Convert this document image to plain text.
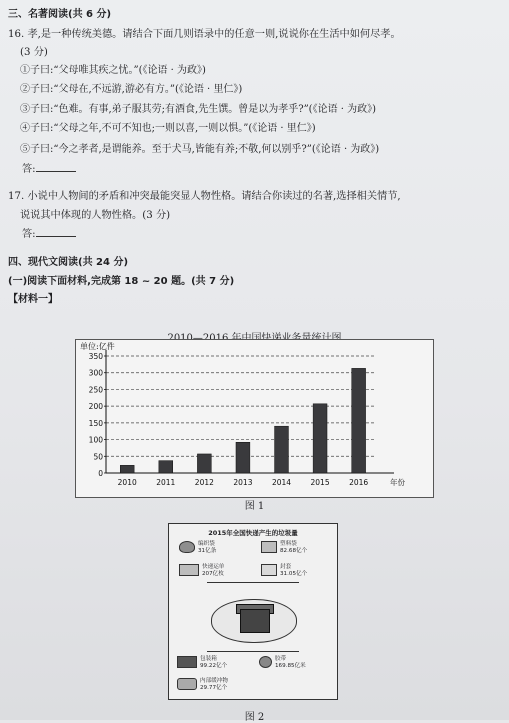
三、名著阅读(共 6 分)
16. 孝,是一种传统美德。请结合下面几则语录中的任意一则,说说你在生活中如何尽孝。
(3 分)
①子曰:“父母唯其疾之忧。”(《论语 · 为政》)
②子曰:“父母在,不远游,游必有方。”(《论语 · 里仁》)
③子曰:“色难。有事,弟子服其劳;有酒食,先生馔。曾是以为孝乎?”(《论语 · 为政》)
④子曰:“父母之年,不可不知也;一则以喜,一则以惧。”(《论语 · 里仁》)
⑤子曰:“今之孝者,是谓能养。至于犬马,皆能有养;不敬,何以别乎?”(《论语 · 为政》)
答:
17. 小说中人物间的矛盾和冲突最能突显人物性格。请结合你读过的名著,选择相关情节,
说说其中体现的人物性格。(3 分)
答:
四、现代文阅读(共 24 分)
(一)阅读下面材料,完成第 18 ~ 20 题。(共 7 分)
【材料一】
单位:亿件
0
50
100
150
200
250
300
350
2010	2011	2012	2013	2014	2015	2016	年份
图 1
2015年全国快递产生的垃圾量
编织袋
31亿条
塑料袋
82.68亿个
快递运单
207亿枚
封套
31.05亿个
包装箱
99.22亿个
胶带
169.85亿米
内部缓冲物
29.77亿个
图 2
